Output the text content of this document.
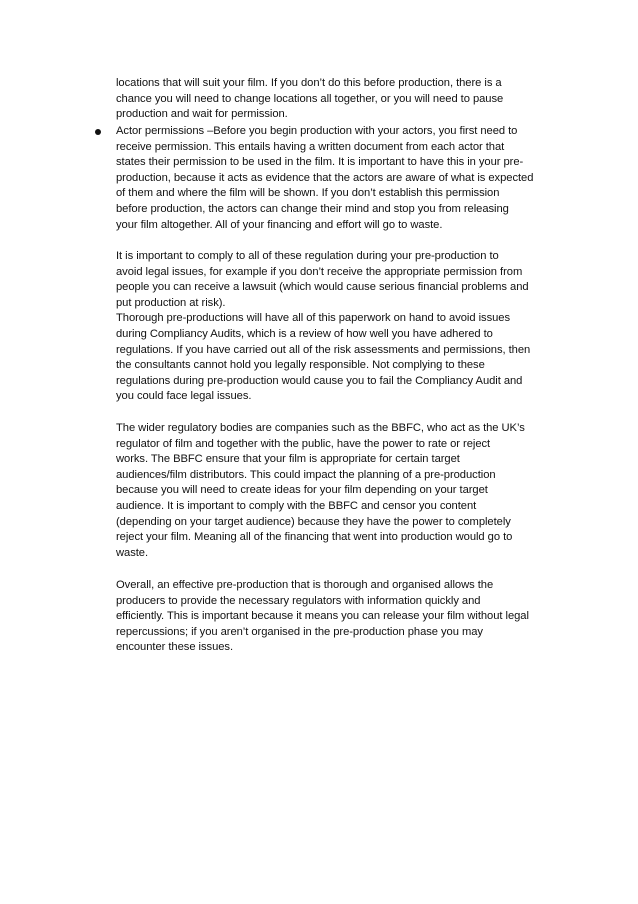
locations that will suit your film. If you don’t do this before production, there is a
chance you will need to change locations all together, or you will need to pause
production and wait for permission.
Actor permissions –Before you begin production with your actors, you first need to
receive permission. This entails having a written document from each actor that
states their permission to be used in the film. It is important to have this in your pre-
production, because it acts as evidence that the actors are aware of what is expected
of them and where the film will be shown. If you don’t establish this permission
before production, the actors can change their mind and stop you from releasing
your film altogether. All of your financing and effort will go to waste.
It is important to comply to all of these regulation during your pre-production to
avoid legal issues, for example if you don’t receive the appropriate permission from
people you can receive a lawsuit (which would cause serious financial problems and
put production at risk).
Thorough pre-productions will have all of this paperwork on hand to avoid issues
during Compliancy Audits, which is a review of how well you have adhered to
regulations. If you have carried out all of the risk assessments and permissions, then
the consultants cannot hold you legally responsible. Not complying to these
regulations during pre-production would cause you to fail the Compliancy Audit and
you could face legal issues.
The wider regulatory bodies are companies such as the BBFC, who act as the UK’s
regulator of film and together with the public, have the power to rate or reject
works. The BBFC ensure that your film is appropriate for certain target
audiences/film distributors. This could impact the planning of a pre-production
because you will need to create ideas for your film depending on your target
audience. It is important to comply with the BBFC and censor you content
(depending on your target audience) because they have the power to completely
reject your film. Meaning all of the financing that went into production would go to
waste.
Overall, an effective pre-production that is thorough and organised allows the
producers to provide the necessary regulators with information quickly and
efficiently. This is important because it means you can release your film without legal
repercussions; if you aren’t organised in the pre-production phase you may
encounter these issues.
